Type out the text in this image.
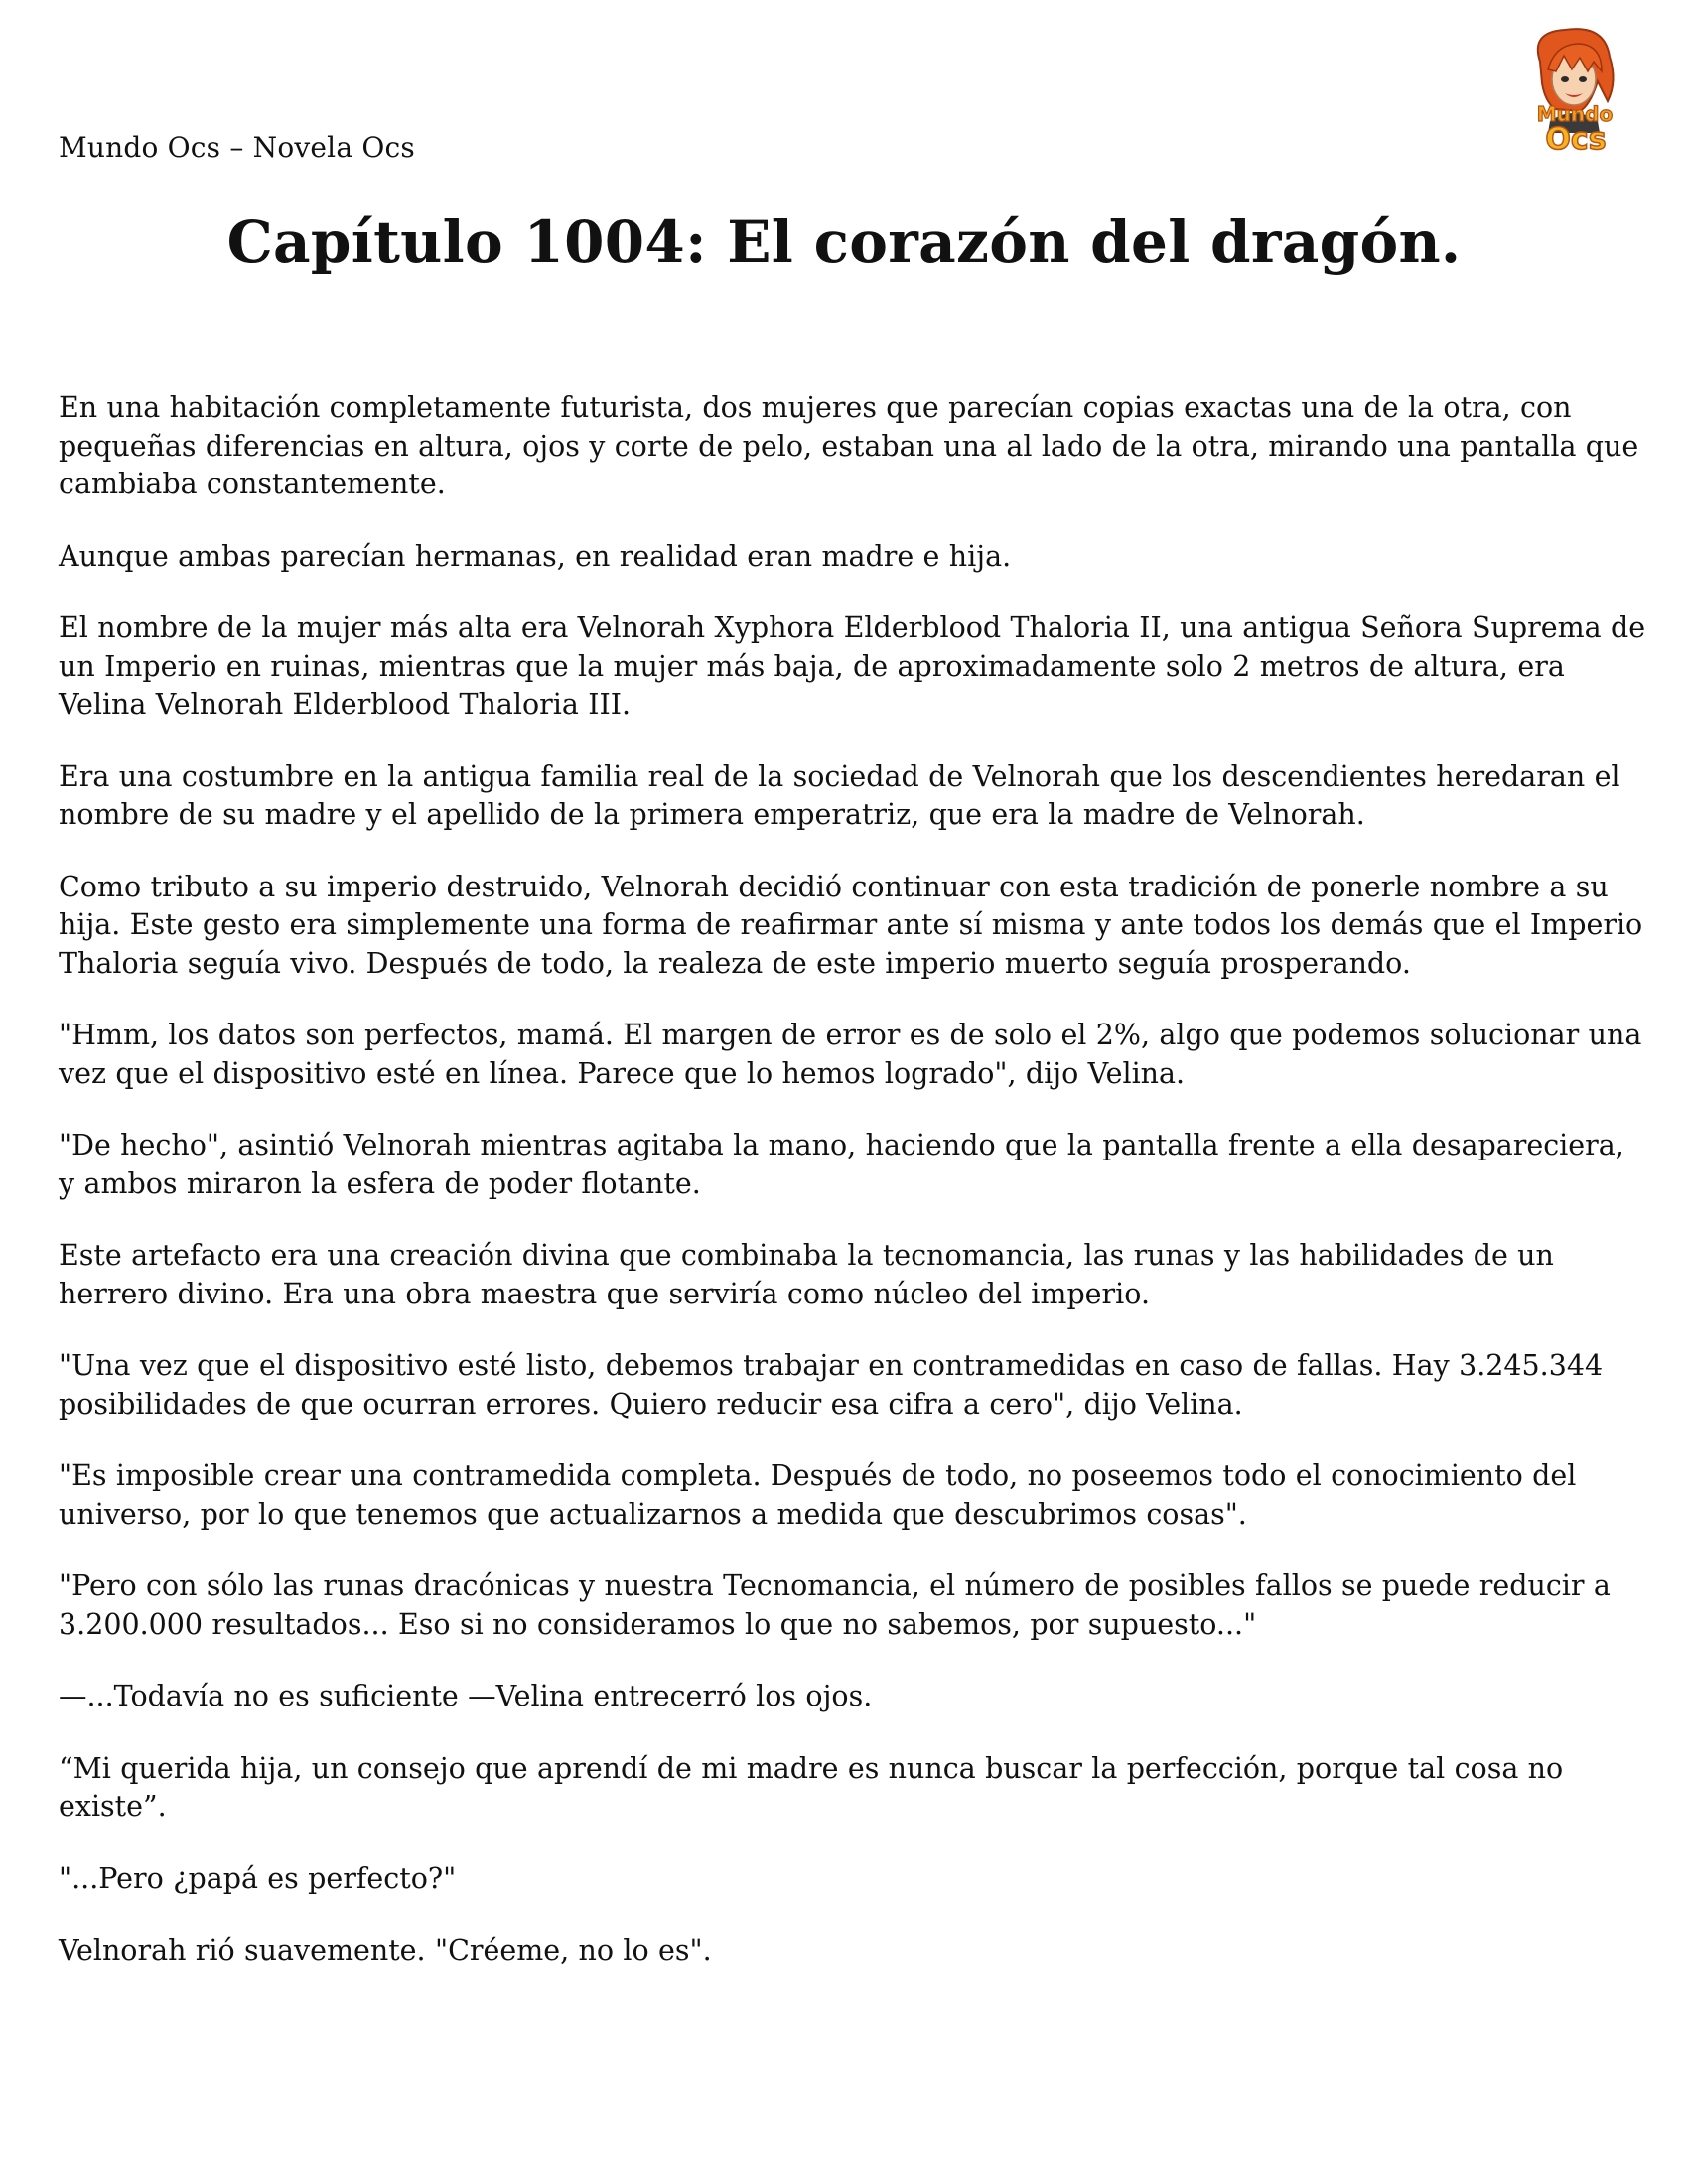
Mundo Ocs – Novela Ocs
Mundo
Ocs
Capítulo 1004: El corazón del dragón.

En una habitación completamente futurista, dos mujeres que parecían copias exactas una de la otra, con pequeñas diferencias en altura, ojos y corte de pelo, estaban una al lado de la otra, mirando una pantalla que cambiaba constantemente.

Aunque ambas parecían hermanas, en realidad eran madre e hija.

El nombre de la mujer más alta era Velnorah Xyphora Elderblood Thaloria II, una antigua Señora Suprema de un Imperio en ruinas, mientras que la mujer más baja, de aproximadamente solo 2 metros de altura, era Velina Velnorah Elderblood Thaloria III.

Era una costumbre en la antigua familia real de la sociedad de Velnorah que los descendientes heredaran el nombre de su madre y el apellido de la primera emperatriz, que era la madre de Velnorah.

Como tributo a su imperio destruido, Velnorah decidió continuar con esta tradición de ponerle nombre a su hija. Este gesto era simplemente una forma de reafirmar ante sí misma y ante todos los demás que el Imperio Thaloria seguía vivo. Después de todo, la realeza de este imperio muerto seguía prosperando.

"Hmm, los datos son perfectos, mamá. El margen de error es de solo el 2%, algo que podemos solucionar una vez que el dispositivo esté en línea. Parece que lo hemos logrado", dijo Velina.

"De hecho", asintió Velnorah mientras agitaba la mano, haciendo que la pantalla frente a ella desapareciera, y ambos miraron la esfera de poder flotante.

Este artefacto era una creación divina que combinaba la tecnomancia, las runas y las habilidades de un herrero divino. Era una obra maestra que serviría como núcleo del imperio.

"Una vez que el dispositivo esté listo, debemos trabajar en contramedidas en caso de fallas. Hay 3.245.344 posibilidades de que ocurran errores. Quiero reducir esa cifra a cero", dijo Velina.

"Es imposible crear una contramedida completa. Después de todo, no poseemos todo el conocimiento del universo, por lo que tenemos que actualizarnos a medida que descubrimos cosas".

"Pero con sólo las runas dracónicas y nuestra Tecnomancia, el número de posibles fallos se puede reducir a 3.200.000 resultados... Eso si no consideramos lo que no sabemos, por supuesto..."

—...Todavía no es suficiente —Velina entrecerró los ojos.

“Mi querida hija, un consejo que aprendí de mi madre es nunca buscar la perfección, porque tal cosa no existe”.

"...Pero ¿papá es perfecto?"

Velnorah rió suavemente. "Créeme, no lo es".
